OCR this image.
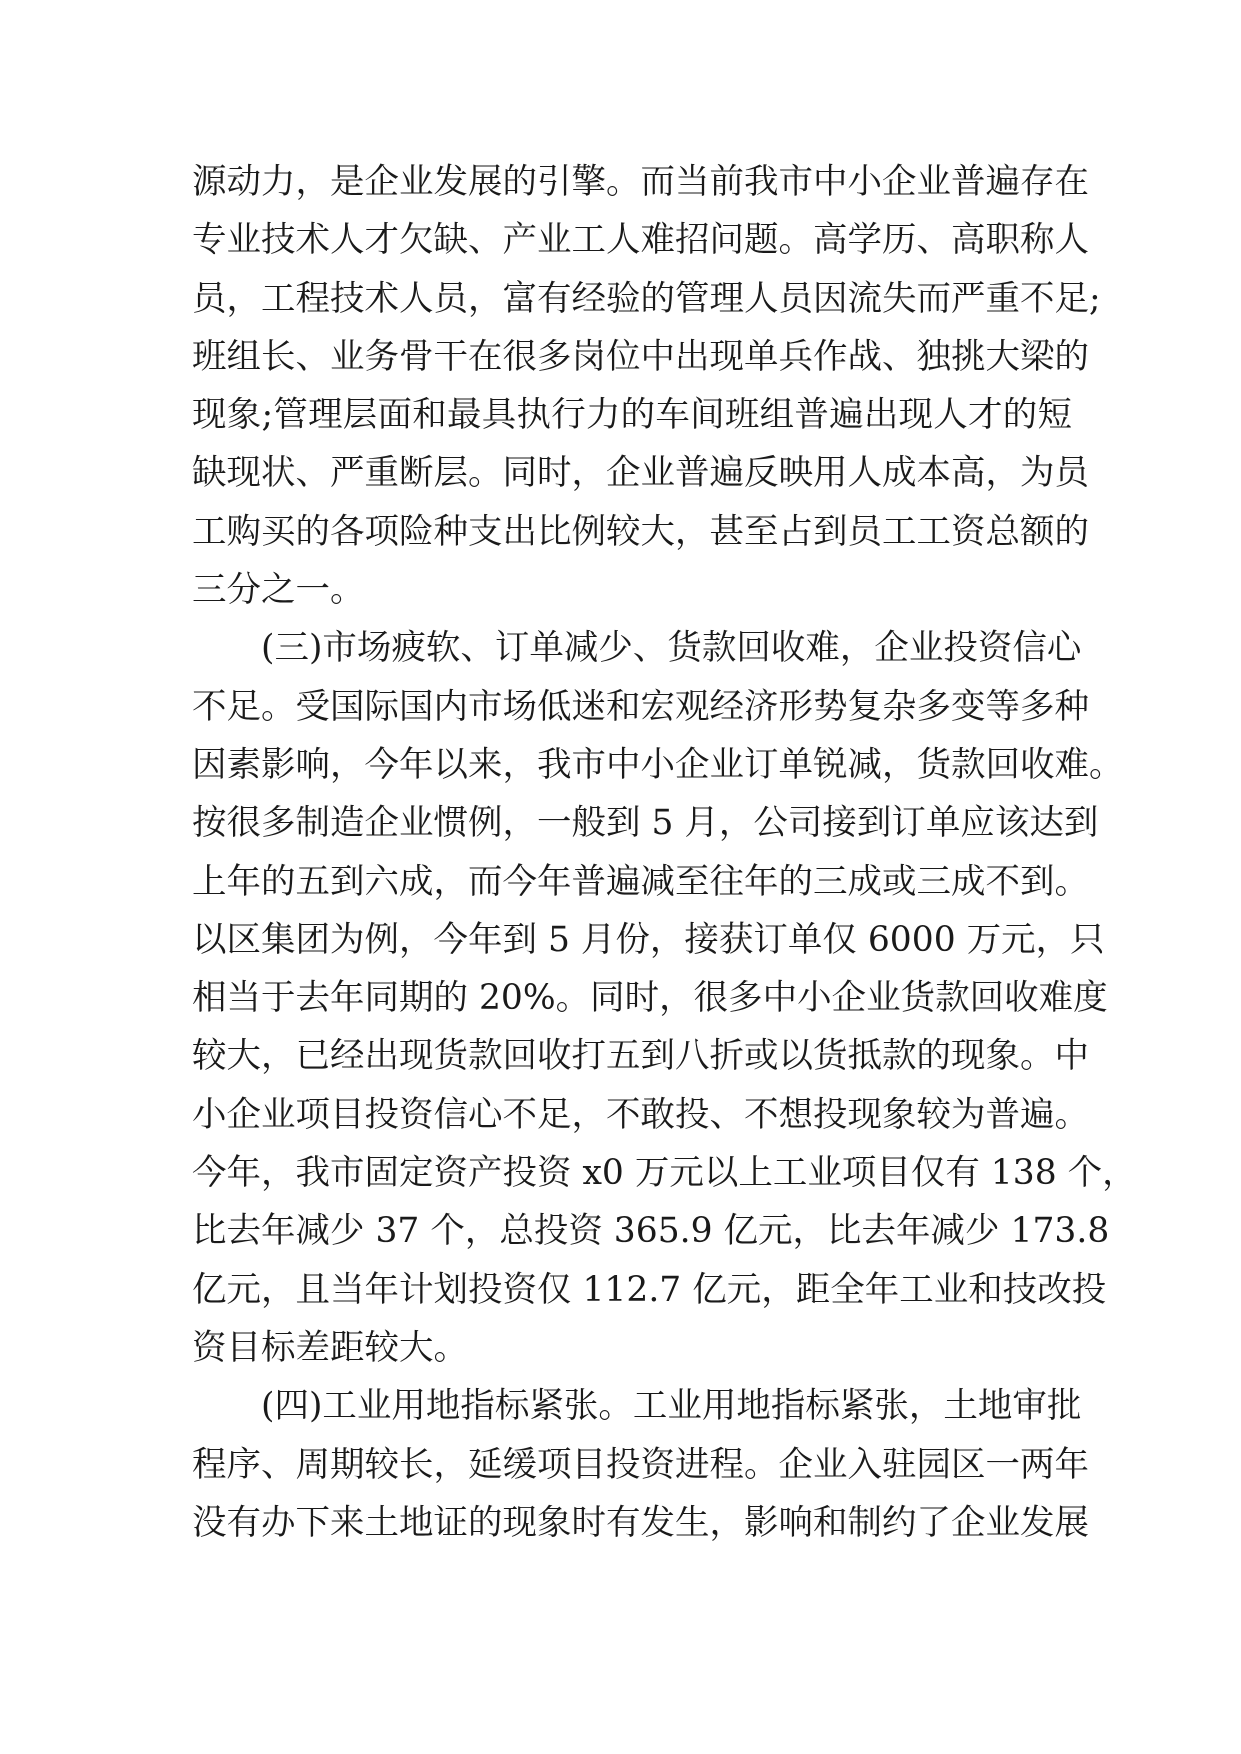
源动力，是企业发展的引擎。而当前我市中小企业普遍存在
专业技术人才欠缺、产业工人难招问题。高学历、高职称人
员，工程技术人员，富有经验的管理人员因流失而严重不足;
班组长、业务骨干在很多岗位中出现单兵作战、独挑大梁的
现象;管理层面和最具执行力的车间班组普遍出现人才的短
缺现状、严重断层。同时，企业普遍反映用人成本高，为员
工购买的各项险种支出比例较大，甚至占到员工工资总额的
三分之一。
(三)市场疲软、订单减少、货款回收难，企业投资信心
不足。受国际国内市场低迷和宏观经济形势复杂多变等多种
因素影响，今年以来，我市中小企业订单锐减，货款回收难。
按很多制造企业惯例，一般到 5 月，公司接到订单应该达到
上年的五到六成，而今年普遍减至往年的三成或三成不到。
以区集团为例，今年到 5 月份，接获订单仅 6000 万元，只
相当于去年同期的 20%。同时，很多中小企业货款回收难度
较大，已经出现货款回收打五到八折或以货抵款的现象。中
小企业项目投资信心不足，不敢投、不想投现象较为普遍。
今年，我市固定资产投资 x0 万元以上工业项目仅有 138 个，
比去年减少 37 个，总投资 365.9 亿元，比去年减少 173.8
亿元，且当年计划投资仅 112.7 亿元，距全年工业和技改投
资目标差距较大。
(四)工业用地指标紧张。工业用地指标紧张，土地审批
程序、周期较长，延缓项目投资进程。企业入驻园区一两年
没有办下来土地证的现象时有发生，影响和制约了企业发展
